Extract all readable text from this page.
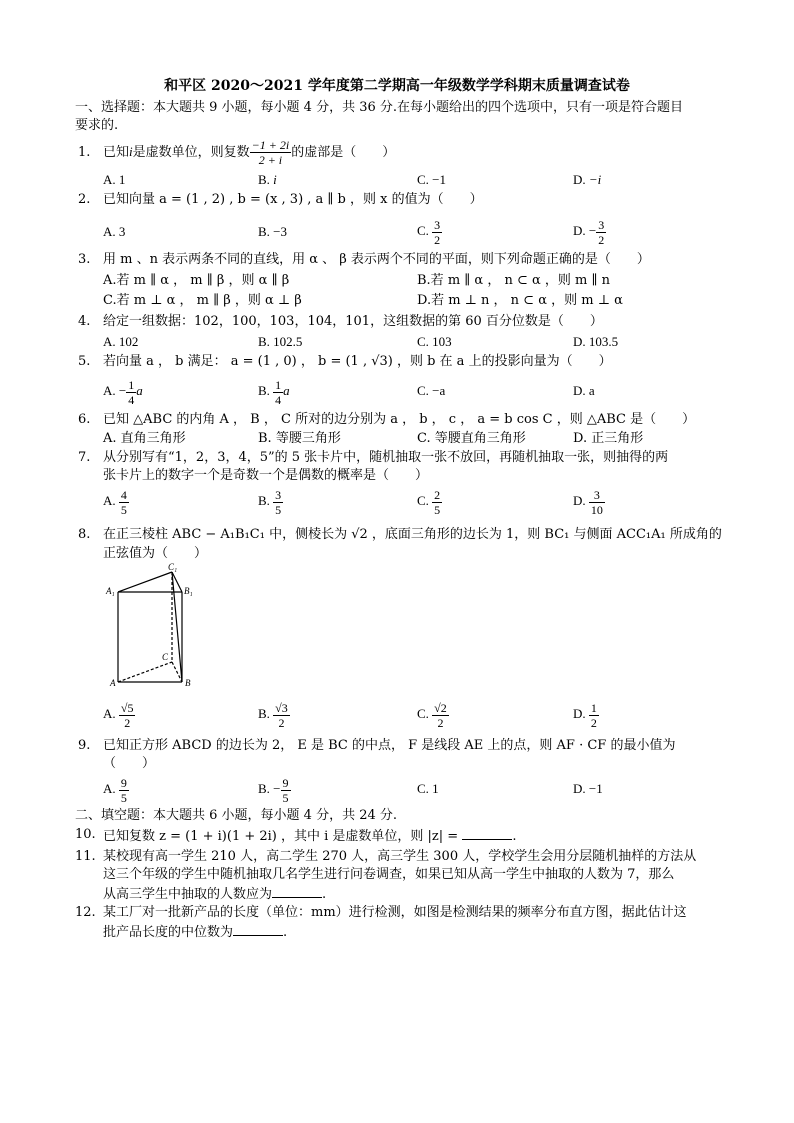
和平区 2020～2021 学年度第二学期高一年级数学学科期末质量调查试卷
一、选择题：本大题共 9 小题，每小题 4 分，共 36 分.在每小题给出的四个选项中，只有一项是符合题目
要求的.
1. 已知i是虚数单位，则复数 $\frac{-1 + 2i}{2 + i}$ 的虚部是（　　）
A. 1	B. i	C. −1	D. −i
2. 已知向量 a = (1 , 2) , b = (x , 3) , a ∥ b ，则 x 的值为（　　）
A. 3	B. −3	C. $\frac{3}{2}$	D. − $\frac{3}{2}$
3. 用 m 、n 表示两条不同的直线，用 α 、 β 表示两个不同的平面，则下列命题正确的是（　　）
A.若 m ∥ α ， m ∥ β ，则 α ∥ β	B.若 m ∥ α ， n ⊂ α ，则 m ∥ n
C.若 m ⊥ α ， m ∥ β ，则 α ⊥ β	D.若 m ⊥ n ， n ⊂ α ，则 m ⊥ α
4. 给定一组数据：102，100，103，104，101，这组数据的第 60 百分位数是（　　）
A. 102	B. 102.5	C. 103	D. 103.5
5. 若向量 a ， b 满足： a = (1 , 0) ， b = (1 , √3) ，则 b 在 a 上的投影向量为（　　）
A. − $\frac{1}{4}$ a	B. $\frac{1}{4}$ a	C. −a	D. a
6. 已知 △ABC 的内角 A ， B ， C 所对的边分别为 a ， b ， c ， a = b cos C ，则 △ABC 是（　　）
A. 直角三角形	B. 等腰三角形	C. 等腰直角三角形	D. 正三角形
7. 从分别写有“1，2，3，4，5”的 5 张卡片中，随机抽取一张不放回，再随机抽取一张，则抽得的两
张卡片上的数字一个是奇数一个是偶数的概率是（　　）
A. $\frac{4}{5}$	B. $\frac{3}{5}$	C. $\frac{2}{5}$	D. $\frac{3}{10}$
8. 在正三棱柱 ABC − A₁B₁C₁ 中，侧棱长为 √2 ，底面三角形的边长为 1，则 BC₁ 与侧面 ACC₁A₁ 所成角的
正弦值为（　　）
A₁	B₁
C₁
A	B
C
A. $\frac{√5}{2}$	B. $\frac{√3}{2}$	C. $\frac{√2}{2}$	D. $\frac{1}{2}$
9. 已知正方形 ABCD 的边长为 2， E 是 BC 的中点， F 是线段 AE 上的点，则 AF · CF 的最小值为
（　　）
A. $\frac{9}{5}$	B. − $\frac{9}{5}$	C. 1	D. −1
二、填空题：本大题共 6 小题，每小题 4 分，共 24 分.
10. 已知复数 z = (1 + i)(1 + 2i) ，其中 i 是虚数单位，则 |z| =	.
11. 某校现有高一学生 210 人，高二学生 270 人，高三学生 300 人，学校学生会用分层随机抽样的方法从
这三个年级的学生中随机抽取几名学生进行问卷调查，如果已知从高一学生中抽取的人数为 7，那么
从高三学生中抽取的人数应为	.
12. 某工厂对一批新产品的长度（单位：mm）进行检测，如图是检测结果的频率分布直方图，据此估计这
批产品长度的中位数为	.
